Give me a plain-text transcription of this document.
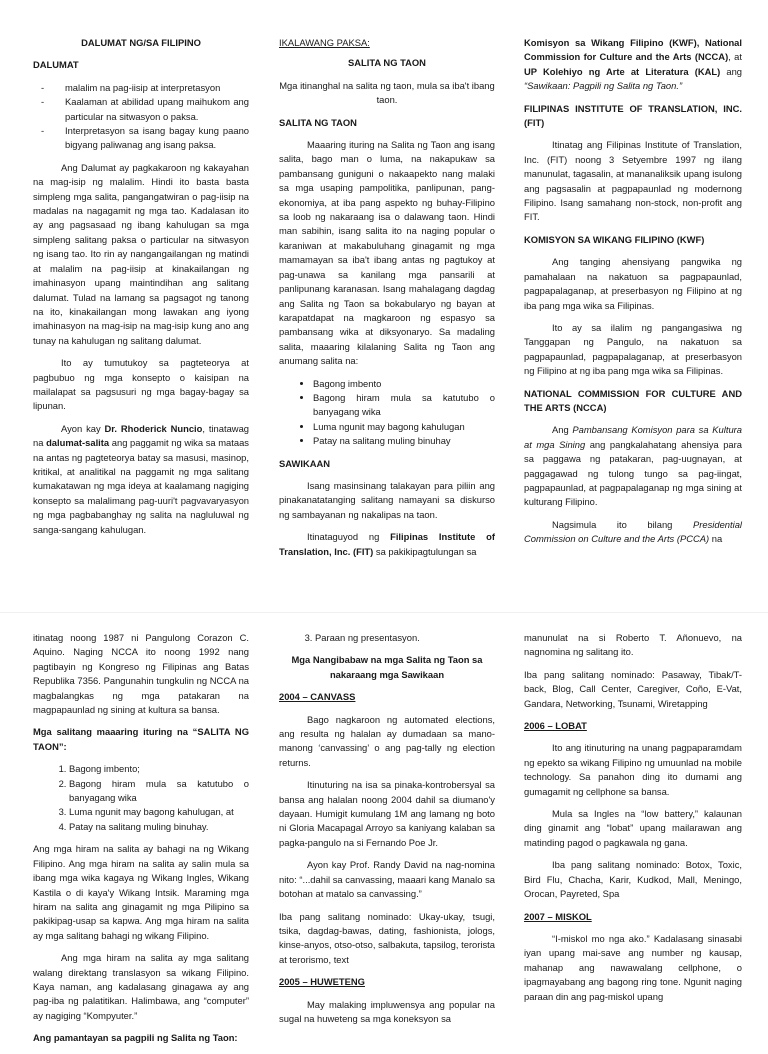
DALUMAT NG/SA FILIPINO

DALUMAT

- malalim na pag-iisip at interpretasyon
- Kaalaman at abilidad upang maihukom ang particular na sitwasyon o paksa.
- Interpretasyon sa isang bagay kung paano bigyang paliwanag ang isang paksa.

Ang Dalumat ay pagkakaroon ng kakayahan na mag-isip ng malalim. Hindi ito basta basta simpleng mga salita, pangangatwiran o pag-iisip na madalas na nagagamit ng mga tao. Kadalasan ito ay ang pagsasaad ng ibang kahulugan sa mga simpleng salitang paksa o particular na sitwasyon ng isang tao. Ito rin ay nangangailangan ng matindi at malalim na pag-iisip at kinakailangan ng imahinasyon upang maintindihan ang salitang dalumat. Tulad na lamang sa pagsagot ng tanong na ito, kinakailangan mong lawakan ang iyong imahinasyon na mag-isip na mag-isip kung ano ang tunay na kahulugan ng salitang dalumat.

Ito ay tumutukoy sa pagteteorya at pagbubuo ng mga konsepto o kaisipan na mailalapat sa pagsusuri ng mga bagay-bagay sa lipunan.

Ayon kay Dr. Rhoderick Nuncio, tinatawag na dalumat-salita ang paggamit ng wika sa mataas na antas ng pagteteorya batay sa masusi, masinop, kritikal, at analitikal na paggamit ng mga salitang kumakatawan ng mga ideya at kaalamang nagiging konsepto sa malalimang pag-uuri't pagvavaryasyon ng mga pagbabanghay ng salita na nagluluwal ng sanga-sangang kahulugan.

IKALAWANG PAKSA:

SALITA NG TAON

Mga itinanghal na salita ng taon, mula sa iba't ibang taon.

SALITA NG TAON

Maaaring ituring na Salita ng Taon ang isang salita, bago man o luma, na nakapukaw sa pambansang guniguni o nakaapekto nang malaki sa mga usaping pampolitika, panlipunan, pang-ekonomiya, at iba pang aspekto ng buhay-Filipino sa loob ng nakaraang isa o dalawang taon. Hindi man sabihin, isang salita ito na naging popular o karaniwan at makabuluhang ginagamit ng mga mamamayan sa iba't ibang antas ng pagtukoy at pag-unawa sa kanilang mga pansarili at panlipunang karanasan. Isang mahalagang dagdag ang Salita ng Taon sa bokabularyo ng bayan at karapatdapat na magkaroon ng espasyo sa pambansang wika at diksyonaryo. Sa madaling salita, maaaring kilalaning Salita ng Taon ang anumang salita na:

• Bagong imbento
• Bagong hiram mula sa katutubo o banyagang wika
• Luma ngunit may bagong kahulugan
• Patay na salitang muling binuhay

SAWIKAAN

Isang masinsinang talakayan para piliin ang pinakanatatanging salitang namayani sa diskurso ng sambayanan ng nakalipas na taon.

Itinataguyod ng Filipinas Institute of Translation, Inc. (FIT) sa pakikipagtulungan sa

Komisyon sa Wikang Filipino (KWF), National Commission for Culture and the Arts (NCCA), at UP Kolehiyo ng Arte at Literatura (KAL) ang “Sawikaan: Pagpili ng Salita ng Taon.”

FILIPINAS INSTITUTE OF TRANSLATION, INC. (FIT)

Itinatag ang Filipinas Institute of Translation, Inc. (FIT) noong 3 Setyembre 1997 ng ilang manunulat, tagasalin, at mananaliksik upang isulong ang pagsasalin at pagpapaunlad ng modernong Filipino. Isang samahang non-stock, non-profit ang FIT.

KOMISYON SA WIKANG FILIPINO (KWF)

Ang tanging ahensiyang pangwika ng pamahalaan na nakatuon sa pagpapaunlad, pagpapalaganap, at preserbasyon ng Filipino at ng iba pang mga wika sa Filipinas.

Ito ay sa ilalim ng pangangasiwa ng Tanggapan ng Pangulo, na nakatuon sa pagpapaunlad, pagpapalaganap, at preserbasyon ng Filipino at ng iba pang mga wika sa Filipinas.

NATIONAL COMMISSION FOR CULTURE AND THE ARTS (NCCA)

Ang Pambansang Komisyon para sa Kultura at mga Sining ang pangkalahatang ahensiya para sa paggawa ng patakaran, pag-uugnayan, at paggagawad ng tulong tungo sa pag-iingat, pagpapaunlad, at pagpapalaganap ng mga sining at kulturang Filipino.

Nagsimula ito bilang Presidential Commission on Culture and the Arts (PCCA) na

itinatag noong 1987 ni Pangulong Corazon C. Aquino. Naging NCCA ito noong 1992 nang pagtibayin ng Kongreso ng Filipinas ang Batas Republika 7356. Pangunahin tungkulin ng NCCA na magbalangkas ng mga patakaran na magpapaunlad ng sining at kultura sa bansa.

Mga salitang maaaring ituring na “SALITA NG TAON”:

1. Bagong imbento;
2. Bagong hiram mula sa katutubo o banyagang wika
3. Luma ngunit may bagong kahulugan, at
4. Patay na salitang muling binuhay.

Ang mga hiram na salita ay bahagi na ng Wikang Filipino. Ang mga hiram na salita ay salin mula sa ibang mga wika kagaya ng Wikang Ingles, Wikang Kastila o di kaya'y Wikang Intsik. Maraming mga hiram na salita ang ginagamit ng mga Pilipino sa pakikipag-usap sa kapwa. Ang mga hiram na salita ay mga salitang bahagi ng wikang Filipino.

Ang mga hiram na salita ay mga salitang walang direktang translasyon sa wikang Filipino. Kaya naman, ang kadalasang ginagawa ay ang pag-iba ng palatitikan. Halimbawa, ang “computer” ay nagiging “Kompyuter.”

Ang pamantayan sa pagpili ng Salita ng Taon:

3. Paraan ng presentasyon.

Mga Nangibabaw na mga Salita ng Taon sa nakaraang mga Sawikaan

2004 – CANVASS

Bago nagkaroon ng automated elections, ang resulta ng halalan ay dumadaan sa mano-manong ‘canvassing’ o ang pag-tally ng election returns.

Itinuturing na isa sa pinaka-kontrobersyal sa bansa ang halalan noong 2004 dahil sa diumano'y dayaan. Humigit kumulang 1M ang lamang ng boto ni Gloria Macapagal Arroyo sa kaniyang kalaban sa pagka-pangulo na si Fernando Poe Jr.

Ayon kay Prof. Randy David na nag-nomina nito: “...dahil sa canvassing, maaari kang Manalo sa botohan at matalo sa canvassing.”

Iba pang salitang nominado: Ukay-ukay, tsugi, tsika, dagdag-bawas, dating, fashionista, jologs, kinse-anyos, otso-otso, salbakuta, tapsilog, terorista at terorismo, text

2005 – HUWETENG

May malaking impluwensya ang popular na sugal na huweteng sa mga koneksyon sa

manunulat na si Roberto T. Añonuevo, na nagnomina ng salitang ito.

Iba pang salitang nominado: Pasaway, Tibak/T-back, Blog, Call Center, Caregiver, Coño, E-Vat, Gandara, Networking, Tsunami, Wiretapping

2006 – LOBAT

Ito ang itinuturing na unang pagpaparamdam ng epekto sa wikang Filipino ng umuunlad na mobile technology. Sa panahon ding ito dumami ang gumagamit ng cellphone sa bansa.

Mula sa Ingles na “low battery,” kalaunan ding ginamit ang “lobat” upang mailarawan ang matinding pagod o pagkawala ng gana.

Iba pang salitang nominado: Botox, Toxic, Bird Flu, Chacha, Karir, Kudkod, Mall, Meningo, Orocan, Payreted, Spa

2007 – MISKOL

“I-miskol mo nga ako.” Kadalasang sinasabi iyan upang mai-save ang number ng kausap, mahanap ang nawawalang cellphone, o ipagmayabang ang bagong ring tone. Ngunit naging paraan din ang pag-miskol upang
